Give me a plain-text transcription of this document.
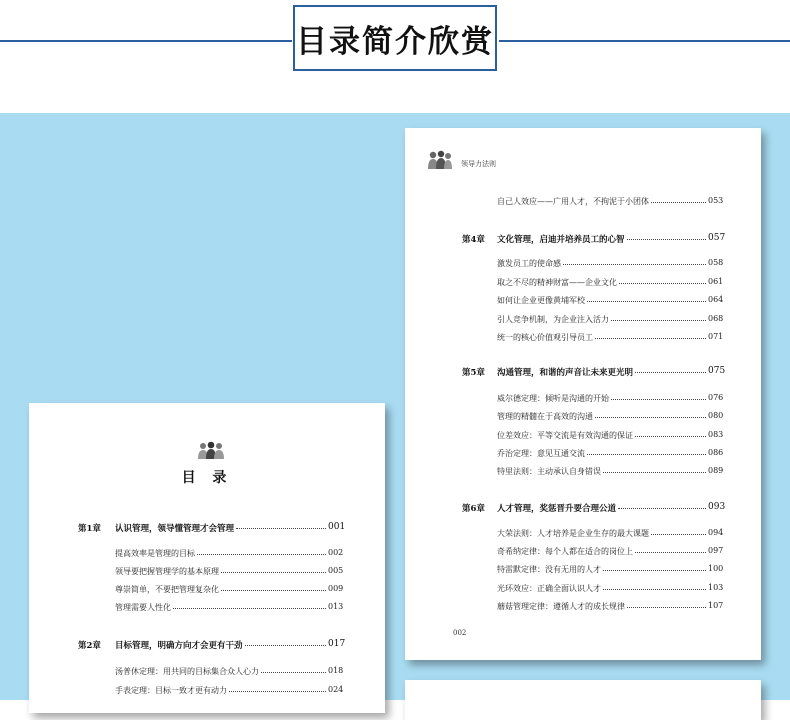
目录简介欣赏
领导力法则
自己人效应——广用人才，不拘泥于小团体	053
第4章 文化管理，启迪并培养员工的心智	057
激发员工的使命感	058
取之不尽的精神财富——企业文化	061
如何让企业更像黄埔军校	064
引人竞争机制，为企业注入活力	068
统一的核心价值观引导员工	071
第5章 沟通管理，和谐的声音让未来更光明	075
威尔德定理：倾听是沟通的开始	076
管理的精髓在于高效的沟通	080
位差效应：平等交流是有效沟通的保证	083
乔治定理：意见互通交流	086
特里法则：主动承认自身错误	089
第6章 人才管理，奖惩晋升要合理公道	093
大荣法则：人才培养是企业生存的最大课题	094
奇希纳定律：每个人都在适合的岗位上	097
特雷默定律：没有无用的人才	100
光环效应：正确全面认识人才	103
蘑菇管理定律：遵循人才的成长规律	107
002
目 录
第1章 认识管理，领导懂管理才会管理	001
提高效率是管理的目标	002
领导要把握管理学的基本原理	005
尊崇简单，不要把管理复杂化	009
管理需要人性化	013
第2章 目标管理，明确方向才会更有干劲	017
汤普休定理：用共同的目标集合众人心力	018
手表定理：目标一致才更有动力	024
